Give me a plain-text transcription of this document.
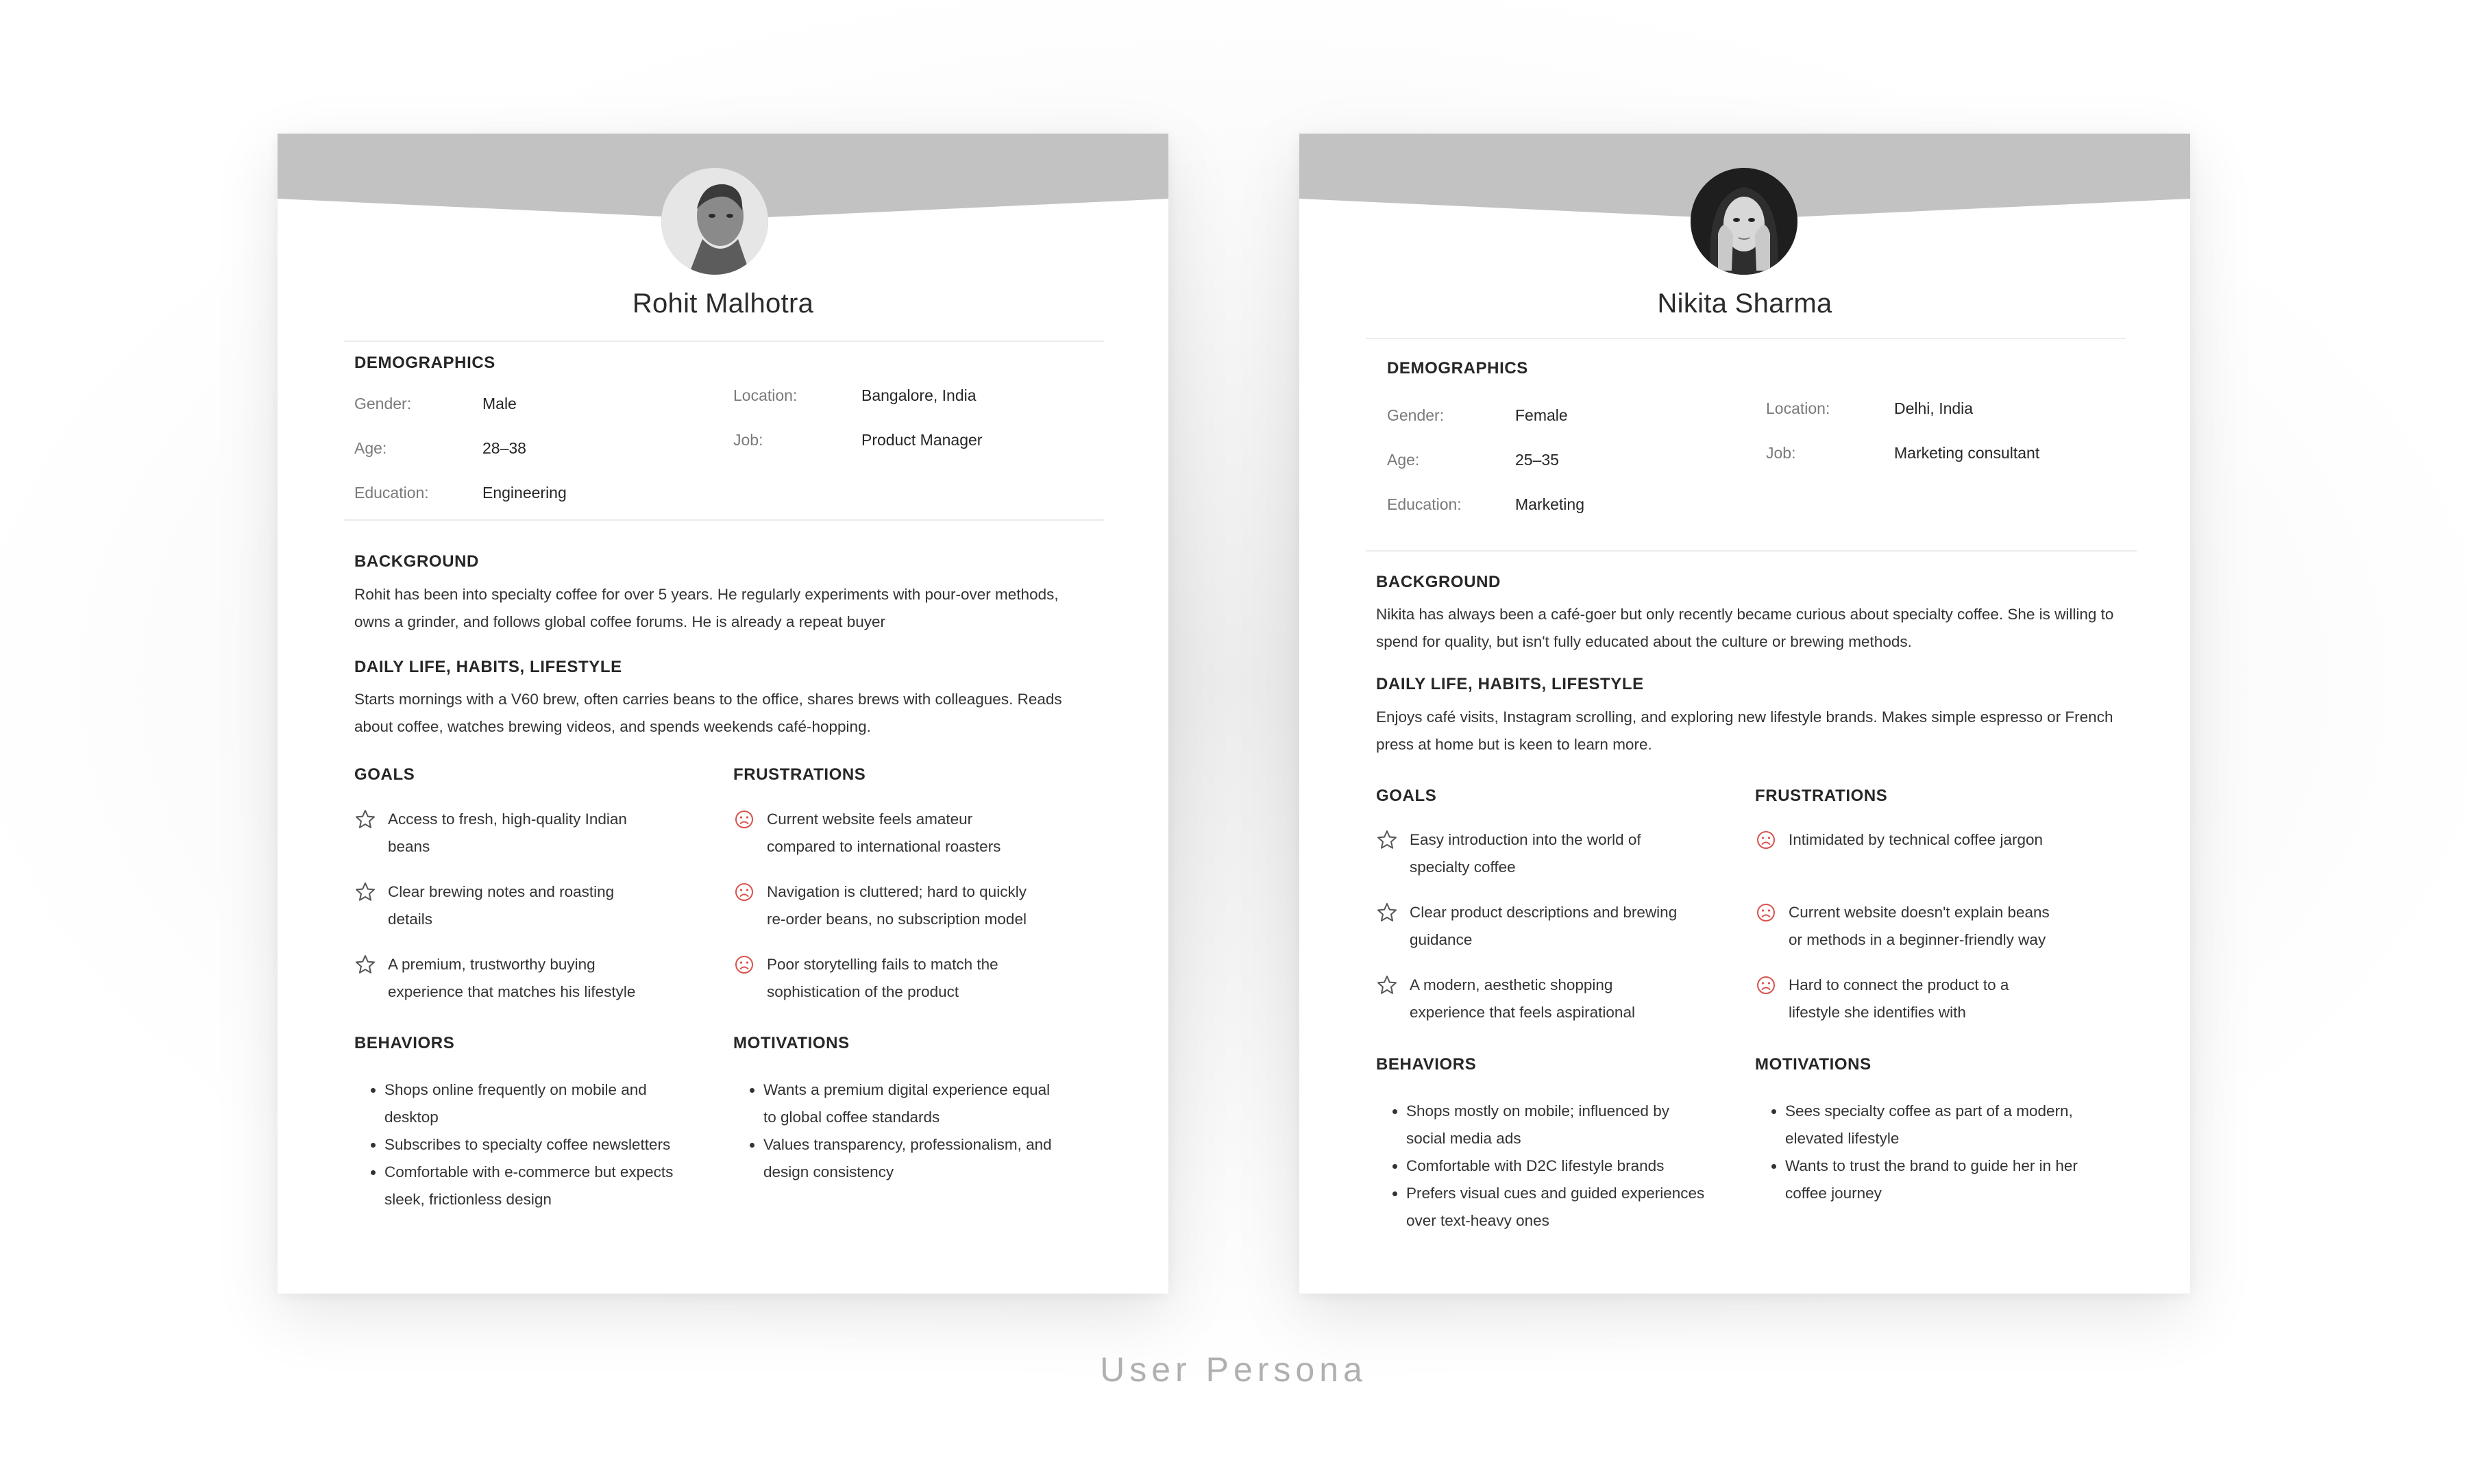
Rohit Malhotra
DEMOGRAPHICS
Gender:	Male
Age:	28–38
Education:	Engineering
Location:	Bangalore, India
Job:	Product Manager
BACKGROUND
Rohit has been into specialty coffee for over 5 years. He regularly experiments with pour-over methods, owns a grinder, and follows global coffee forums. He is already a repeat buyer
DAILY LIFE, HABITS, LIFESTYLE
Starts mornings with a V60 brew, often carries beans to the office, shares brews with colleagues. Reads about coffee, watches brewing videos, and spends weekends café-hopping.
GOALS
Access to fresh, high-quality Indian beans
Clear brewing notes and roasting details
A premium, trustworthy buying experience that matches his lifestyle
FRUSTRATIONS
Current website feels amateur compared to international roasters
Navigation is cluttered; hard to quickly re-order beans, no subscription model
Poor storytelling fails to match the sophistication of the product
Nikita Sharma
DEMOGRAPHICS
Gender:	Female
Age:	25–35
Education:	Marketing
Location:	Delhi, India
Job:	Marketing consultant
BACKGROUND
Nikita has always been a café-goer but only recently became curious about specialty coffee. She is willing to spend for quality, but isn't fully educated about the culture or brewing methods.
DAILY LIFE, HABITS, LIFESTYLE
Enjoys café visits, Instagram scrolling, and exploring new lifestyle brands. Makes simple espresso or French press at home but is keen to learn more.
GOALS
Easy introduction into the world of specialty coffee
Clear product descriptions and brewing guidance
A modern, aesthetic shopping experience that feels aspirational
FRUSTRATIONS
Intimidated by technical coffee jargon
Current website doesn't explain beans or methods in a beginner-friendly way
Hard to connect the product to a lifestyle she identifies with
BEHAVIORS
• Shops online frequently on mobile and desktop
• Subscribes to specialty coffee newsletters
• Comfortable with e-commerce but expects sleek, frictionless design
MOTIVATIONS
• Wants a premium digital experience equal to global coffee standards
• Values transparency, professionalism, and design consistency
BEHAVIORS
• Shops mostly on mobile; influenced by social media ads
• Comfortable with D2C lifestyle brands
• Prefers visual cues and guided experiences over text-heavy ones
MOTIVATIONS
• Sees specialty coffee as part of a modern, elevated lifestyle
• Wants to trust the brand to guide her in her coffee journey
User Persona
